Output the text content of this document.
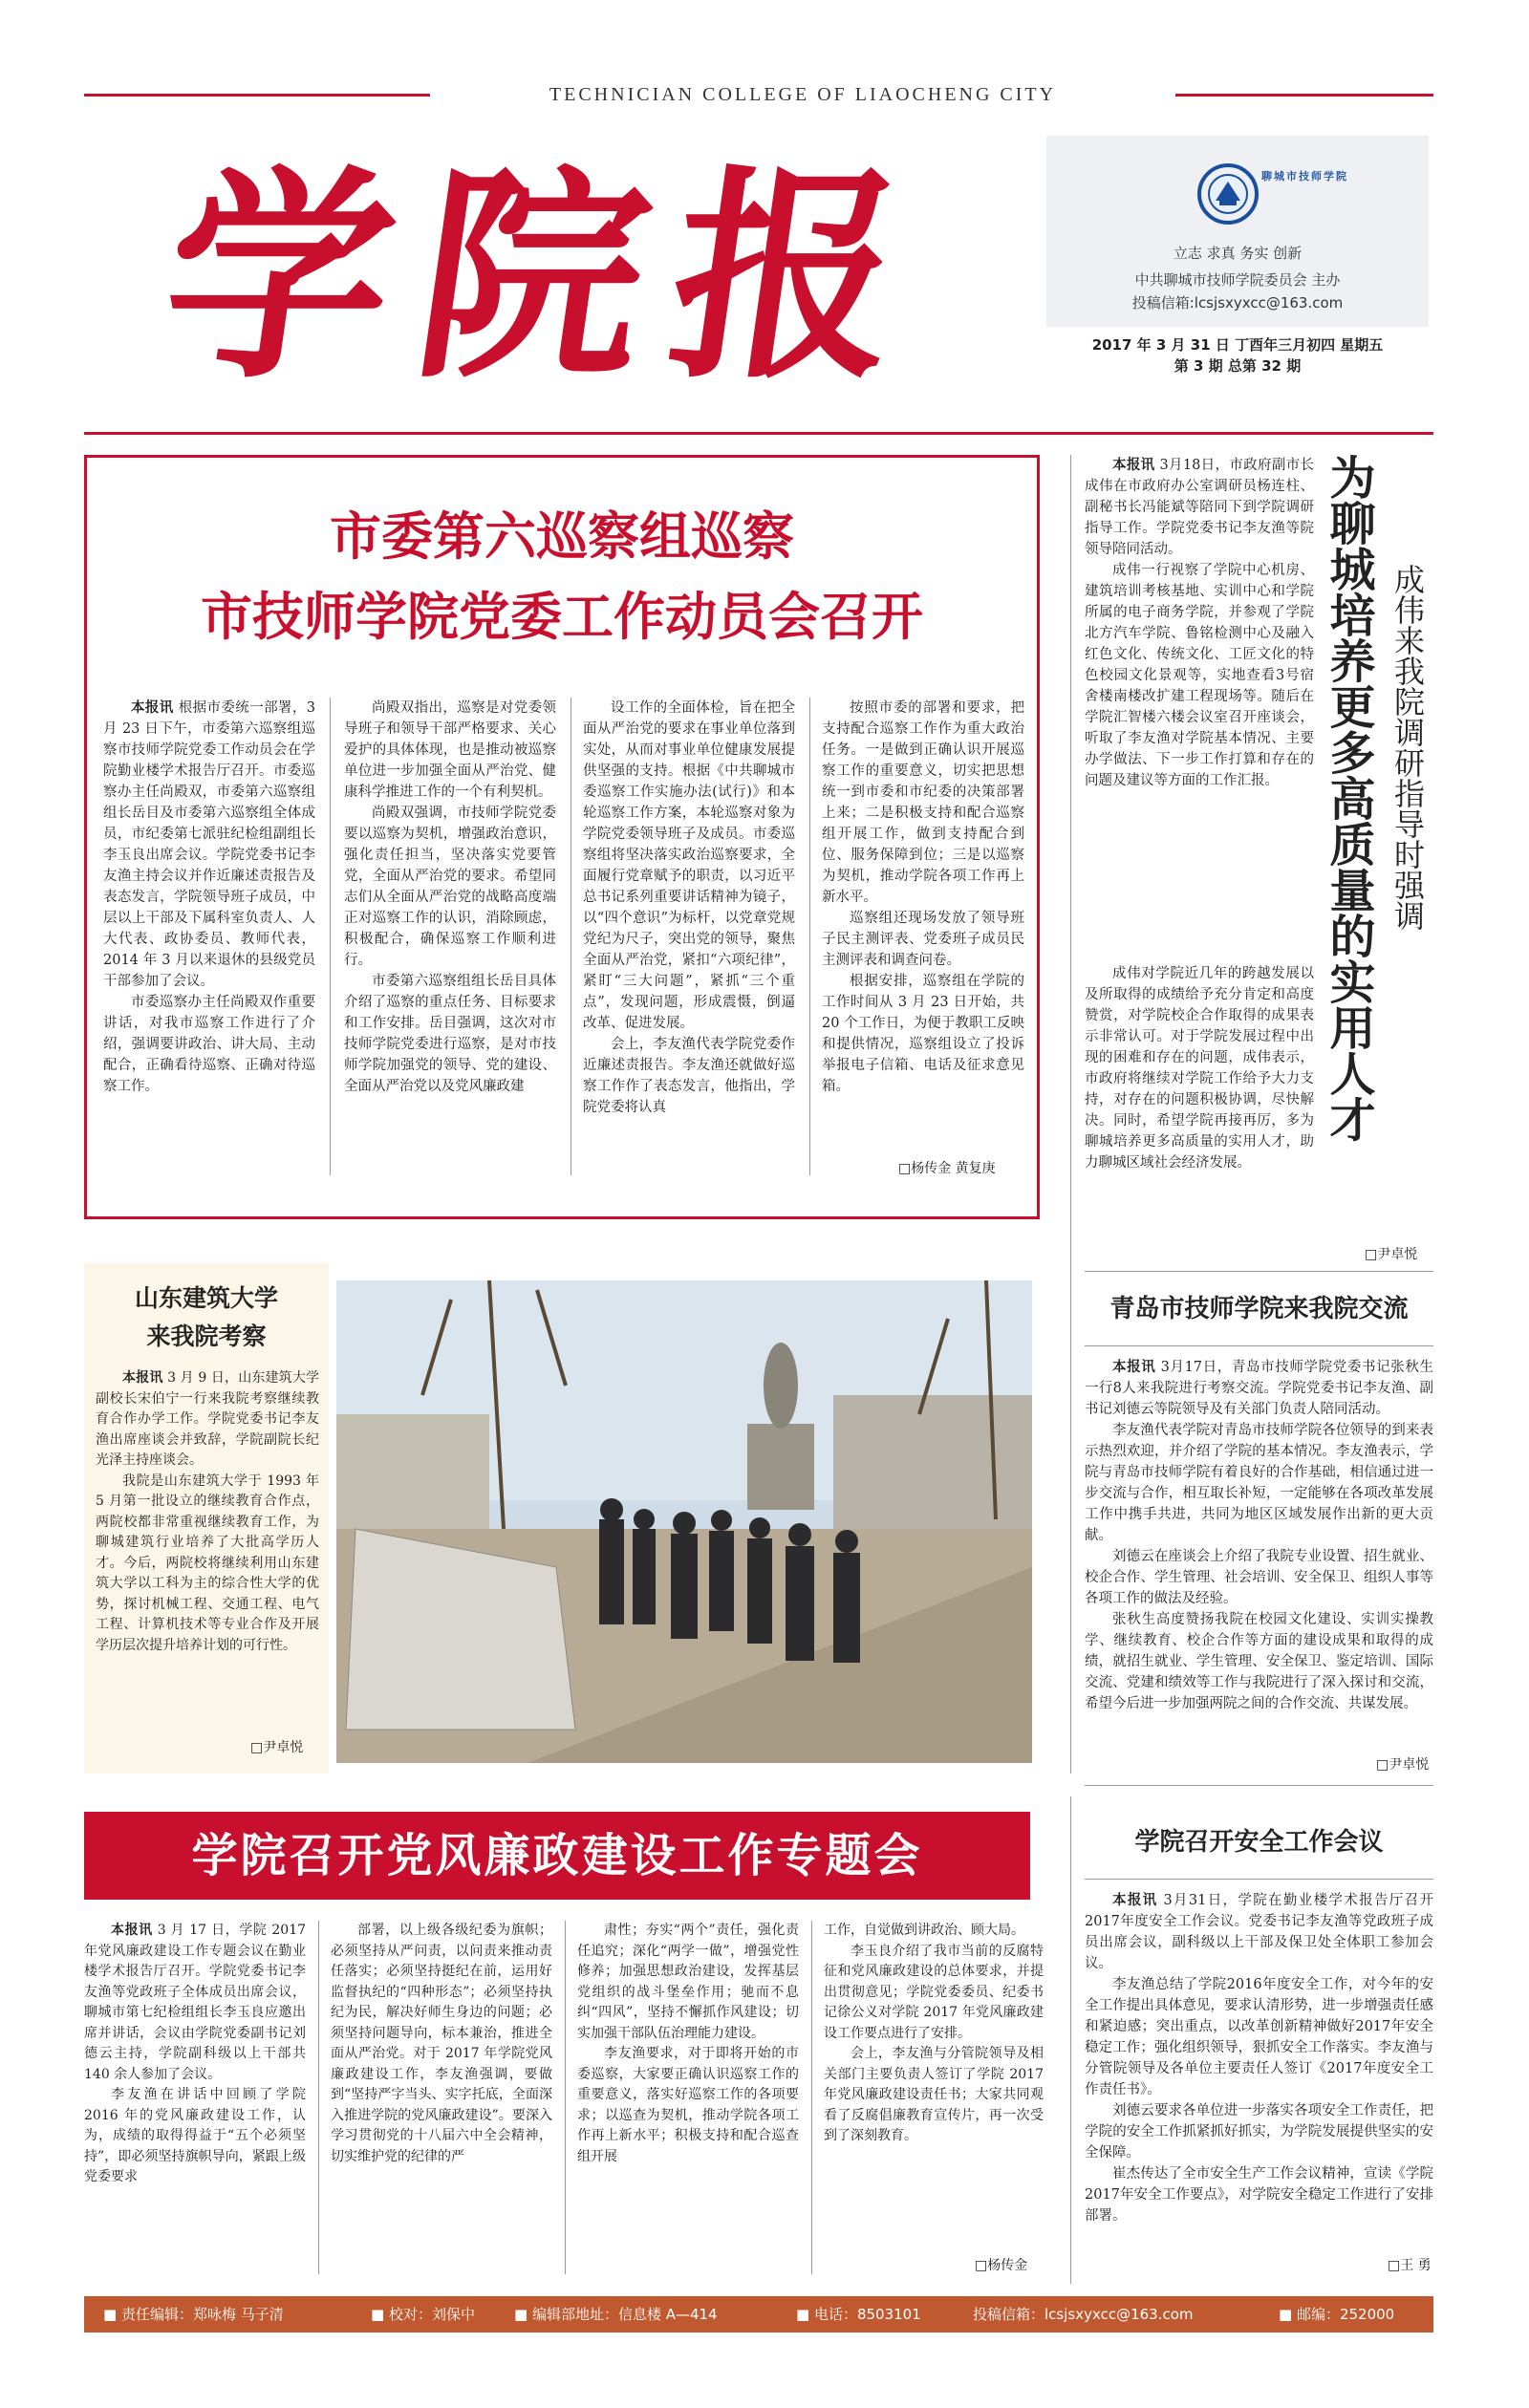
TECHNICIAN COLLEGE OF LIAOCHENG CITY
学院报	立志 求真 务实 创新
中共聊城市技师学院委员会 主办
投稿信箱:lcsjsxyxcc@163.com
聊城市技师学院
2017 年 3 月 31 日 丁酉年三月初四 星期五
第 3 期 总第 32 期
市委第六巡察组巡察
市技师学院党委工作动员会召开

本报讯 根据市委统一部署，3 月 23 日下午，市委第六巡察组巡察市技师学院党委工作动员会在学院勤业楼学术报告厅召开。市委巡察办主任尚殿双，市委第六巡察组组长岳目及市委第六巡察组全体成员，市纪委第七派驻纪检组副组长李玉良出席会议。学院党委书记李友渔主持会议并作近廉述责报告及表态发言，学院领导班子成员，中层以上干部及下属科室负责人、人大代表、政协委员、教师代表，2014 年 3 月以来退休的县级党员干部参加了会议。

市委巡察办主任尚殿双作重要讲话，对我市巡察工作进行了介绍，强调要讲政治、讲大局、主动配合，正确看待巡察、正确对待巡察工作。

尚殿双指出，巡察是对党委领导班子和领导干部严格要求、关心爱护的具体体现，也是推动被巡察单位进一步加强全面从严治党、健康科学推进工作的一个有利契机。

尚殿双强调，市技师学院党委要以巡察为契机，增强政治意识，强化责任担当，坚决落实党要管党，全面从严治党的要求。希望同志们从全面从严治党的战略高度端正对巡察工作的认识，消除顾虑，积极配合，确保巡察工作顺利进行。

市委第六巡察组组长岳目具体介绍了巡察的重点任务、目标要求和工作安排。岳目强调，这次对市技师学院党委进行巡察，是对市技师学院加强党的领导、党的建设、全面从严治党以及党风廉政建

设工作的全面体检，旨在把全面从严治党的要求在事业单位落到实处，从而对事业单位健康发展提供坚强的支持。根据《中共聊城市委巡察工作实施办法(试行)》和本轮巡察工作方案，本轮巡察对象为学院党委领导班子及成员。市委巡察组将坚决落实政治巡察要求，全面履行党章赋予的职责，以习近平总书记系列重要讲话精神为镜子，以“四个意识”为标杆，以党章党规党纪为尺子，突出党的领导，聚焦全面从严治党，紧扣“六项纪律”，紧盯“三大问题”，紧抓“三个重点”，发现问题，形成震慑，倒逼改革、促进发展。

会上，李友渔代表学院党委作近廉述责报告。李友渔还就做好巡察工作作了表态发言，他指出，学院党委将认真

按照市委的部署和要求，把支持配合巡察工作作为重大政治任务。一是做到正确认识开展巡察工作的重要意义，切实把思想统一到市委和市纪委的决策部署上来；二是积极支持和配合巡察组开展工作，做到支持配合到位、服务保障到位；三是以巡察为契机，推动学院各项工作再上新水平。

巡察组还现场发放了领导班子民主测评表、党委班子成员民主测评表和调查问卷。

根据安排，巡察组在学院的工作时间从 3 月 23 日开始，共 20 个工作日，为便于教职工反映和提供情况，巡察组设立了投诉举报电子信箱、电话及征求意见箱。

□杨传金 黄复庚
为聊城培养更多高质量的实用人才 成伟来我院调研指导时强调

本报讯 3月18日，市政府副市长成伟在市政府办公室调研员杨连柱、副秘书长冯能斌等陪同下到学院调研指导工作。学院党委书记李友渔等院领导陪同活动。

成伟一行视察了学院中心机房、建筑培训考核基地、实训中心和学院所属的电子商务学院，并参观了学院北方汽车学院、鲁铭检测中心及融入红色文化、传统文化、工匠文化的特色校园文化景观等，实地查看3号宿舍楼南楼改扩建工程现场等。随后在学院汇智楼六楼会议室召开座谈会，听取了李友渔对学院基本情况、主要办学做法、下一步工作打算和存在的问题及建议等方面的工作汇报。

成伟对学院近几年的跨越发展以及所取得的成绩给予充分肯定和高度赞赏，对学院校企合作取得的成果表示非常认可。对于学院发展过程中出现的困难和存在的问题，成伟表示，市政府将继续对学院工作给予大力支持，对存在的问题积极协调，尽快解决。同时，希望学院再接再厉，多为聊城培养更多高质量的实用人才，助力聊城区域社会经济发展。

□尹卓悦
山东建筑大学
来我院考察

本报讯 3 月 9 日，山东建筑大学副校长宋伯宁一行来我院考察继续教育合作办学工作。学院党委书记李友渔出席座谈会并致辞，学院副院长纪光泽主持座谈会。

我院是山东建筑大学于 1993 年 5 月第一批设立的继续教育合作点，两院校都非常重视继续教育工作，为聊城建筑行业培养了大批高学历人才。今后，两院校将继续利用山东建筑大学以工科为主的综合性大学的优势，探讨机械工程、交通工程、电气工程、计算机技术等专业合作及开展学历层次提升培养计划的可行性。

□尹卓悦
青岛市技师学院来我院交流

本报讯 3月17日，青岛市技师学院党委书记张秋生一行8人来我院进行考察交流。学院党委书记李友渔、副书记刘德云等院领导及有关部门负责人陪同活动。

李友渔代表学院对青岛市技师学院各位领导的到来表示热烈欢迎，并介绍了学院的基本情况。李友渔表示，学院与青岛市技师学院有着良好的合作基础，相信通过进一步交流与合作，相互取长补短，一定能够在各项改革发展工作中携手共进，共同为地区区域发展作出新的更大贡献。

刘德云在座谈会上介绍了我院专业设置、招生就业、校企合作、学生管理、社会培训、安全保卫、组织人事等各项工作的做法及经验。

张秋生高度赞扬我院在校园文化建设、实训实操教学、继续教育、校企合作等方面的建设成果和取得的成绩，就招生就业、学生管理、安全保卫、鉴定培训、国际交流、党建和绩效等工作与我院进行了深入探讨和交流，希望今后进一步加强两院之间的合作交流、共谋发展。

□尹卓悦
学院召开安全工作会议

本报讯 3月31日，学院在勤业楼学术报告厅召开2017年度安全工作会议。党委书记李友渔等党政班子成员出席会议，副科级以上干部及保卫处全体职工参加会议。

李友渔总结了学院2016年度安全工作，对今年的安全工作提出具体意见，要求认清形势，进一步增强责任感和紧迫感；突出重点，以改革创新精神做好2017年安全稳定工作；强化组织领导，狠抓安全工作落实。李友渔与分管院领导及各单位主要责任人签订《2017年度安全工作责任书》。

刘德云要求各单位进一步落实各项安全工作责任，把学院的安全工作抓紧抓好抓实，为学院发展提供坚实的安全保障。

崔杰传达了全市安全生产工作会议精神，宣读《学院2017年安全工作要点》，对学院安全稳定工作进行了安排部署。

□王 勇
学院召开党风廉政建设工作专题会

本报讯 3 月 17 日，学院 2017 年党风廉政建设工作专题会议在勤业楼学术报告厅召开。学院党委书记李友渔等党政班子全体成员出席会议，聊城市第七纪检组组长李玉良应邀出席并讲话，会议由学院党委副书记刘德云主持，学院副科级以上干部共 140 余人参加了会议。

李友渔在讲话中回顾了学院 2016 年的党风廉政建设工作，认为，成绩的取得得益于“五个必须坚持”，即必须坚持旗帜导向，紧跟上级党委要求

部署，以上级各级纪委为旗帜；必须坚持从严问责，以问责来推动责任落实；必须坚持挺纪在前，运用好监督执纪的“四种形态”；必须坚持执纪为民，解决好师生身边的问题；必须坚持问题导向，标本兼治，推进全面从严治党。对于 2017 年学院党风廉政建设工作，李友渔强调，要做到“坚持严字当头、实字托底，全面深入推进学院的党风廉政建设”。要深入学习贯彻党的十八届六中全会精神，切实维护党的纪律的严

肃性；夯实“两个”责任，强化责任追究；深化“两学一做”，增强党性修养；加强思想政治建设，发挥基层党组织的战斗堡垒作用；驰而不息纠“四风”，坚持不懈抓作风建设；切实加强干部队伍治理能力建设。

李友渔要求，对于即将开始的市委巡察，大家要正确认识巡察工作的重要意义，落实好巡察工作的各项要求；以巡查为契机，推动学院各项工作再上新水平；积极支持和配合巡查组开展

工作，自觉做到讲政治、顾大局。

李玉良介绍了我市当前的反腐特征和党风廉政建设的总体要求，并提出贯彻意见；学院党委委员、纪委书记徐公义对学院 2017 年党风廉政建设工作要点进行了安排。

会上，李友渔与分管院领导及相关部门主要负责人签订了学院 2017 年党风廉政建设责任书；大家共同观看了反腐倡廉教育宣传片，再一次受到了深刻教育。

□杨传金
■ 责任编辑：郑咏梅 马子清	■ 校对：刘保中	■ 编辑部地址：信息楼 A—414	■ 电话：8503101	投稿信箱：lcsjsxyxcc@163.com	■ 邮编：252000
